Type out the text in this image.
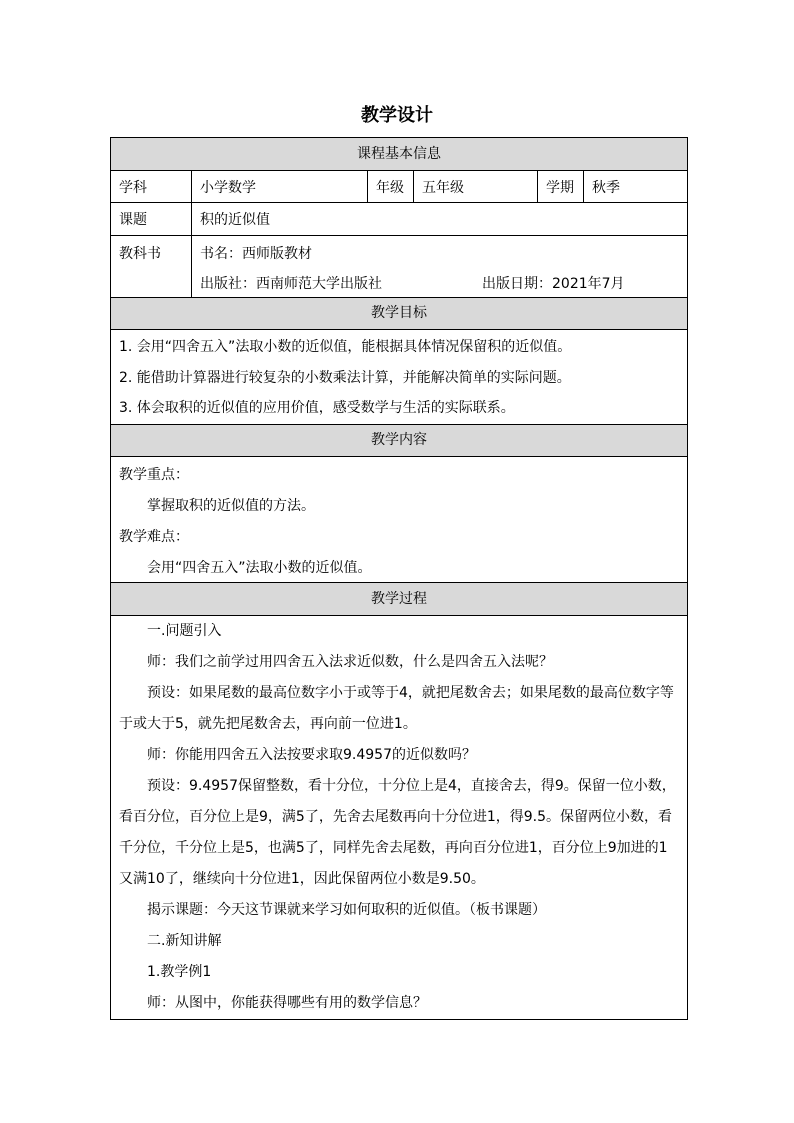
教学设计
课程基本信息
学科	小学数学	年级	五年级	学期	秋季
课题	积的近似值
教科书	书名：西师版教材
出版社：西南师范大学出版社	出版日期：2021年7月
教学目标
1. 会用“四舍五入”法取小数的近似值，能根据具体情况保留积的近似值。
2. 能借助计算器进行较复杂的小数乘法计算，并能解决简单的实际问题。
3. 体会取积的近似值的应用价值，感受数学与生活的实际联系。
教学内容
教学重点：
掌握取积的近似值的方法。
教学难点：
会用“四舍五入”法取小数的近似值。
教学过程
一.问题引入
师：我们之前学过用四舍五入法求近似数，什么是四舍五入法呢？
预设：如果尾数的最高位数字小于或等于4，就把尾数舍去；如果尾数的最高位数字等于或大于5，就先把尾数舍去，再向前一位进1。
师：你能用四舍五入法按要求取9.4957的近似数吗？
预设：9.4957保留整数，看十分位，十分位上是4，直接舍去，得9。保留一位小数，看百分位，百分位上是9，满5了，先舍去尾数再向十分位进1，得9.5。保留两位小数，看千分位，千分位上是5，也满5了，同样先舍去尾数，再向百分位进1，百分位上9加进的1又满10了，继续向十分位进1，因此保留两位小数是9.50。
揭示课题：今天这节课就来学习如何取积的近似值。（板书课题）
二.新知讲解
1.教学例1
师：从图中，你能获得哪些有用的数学信息？
